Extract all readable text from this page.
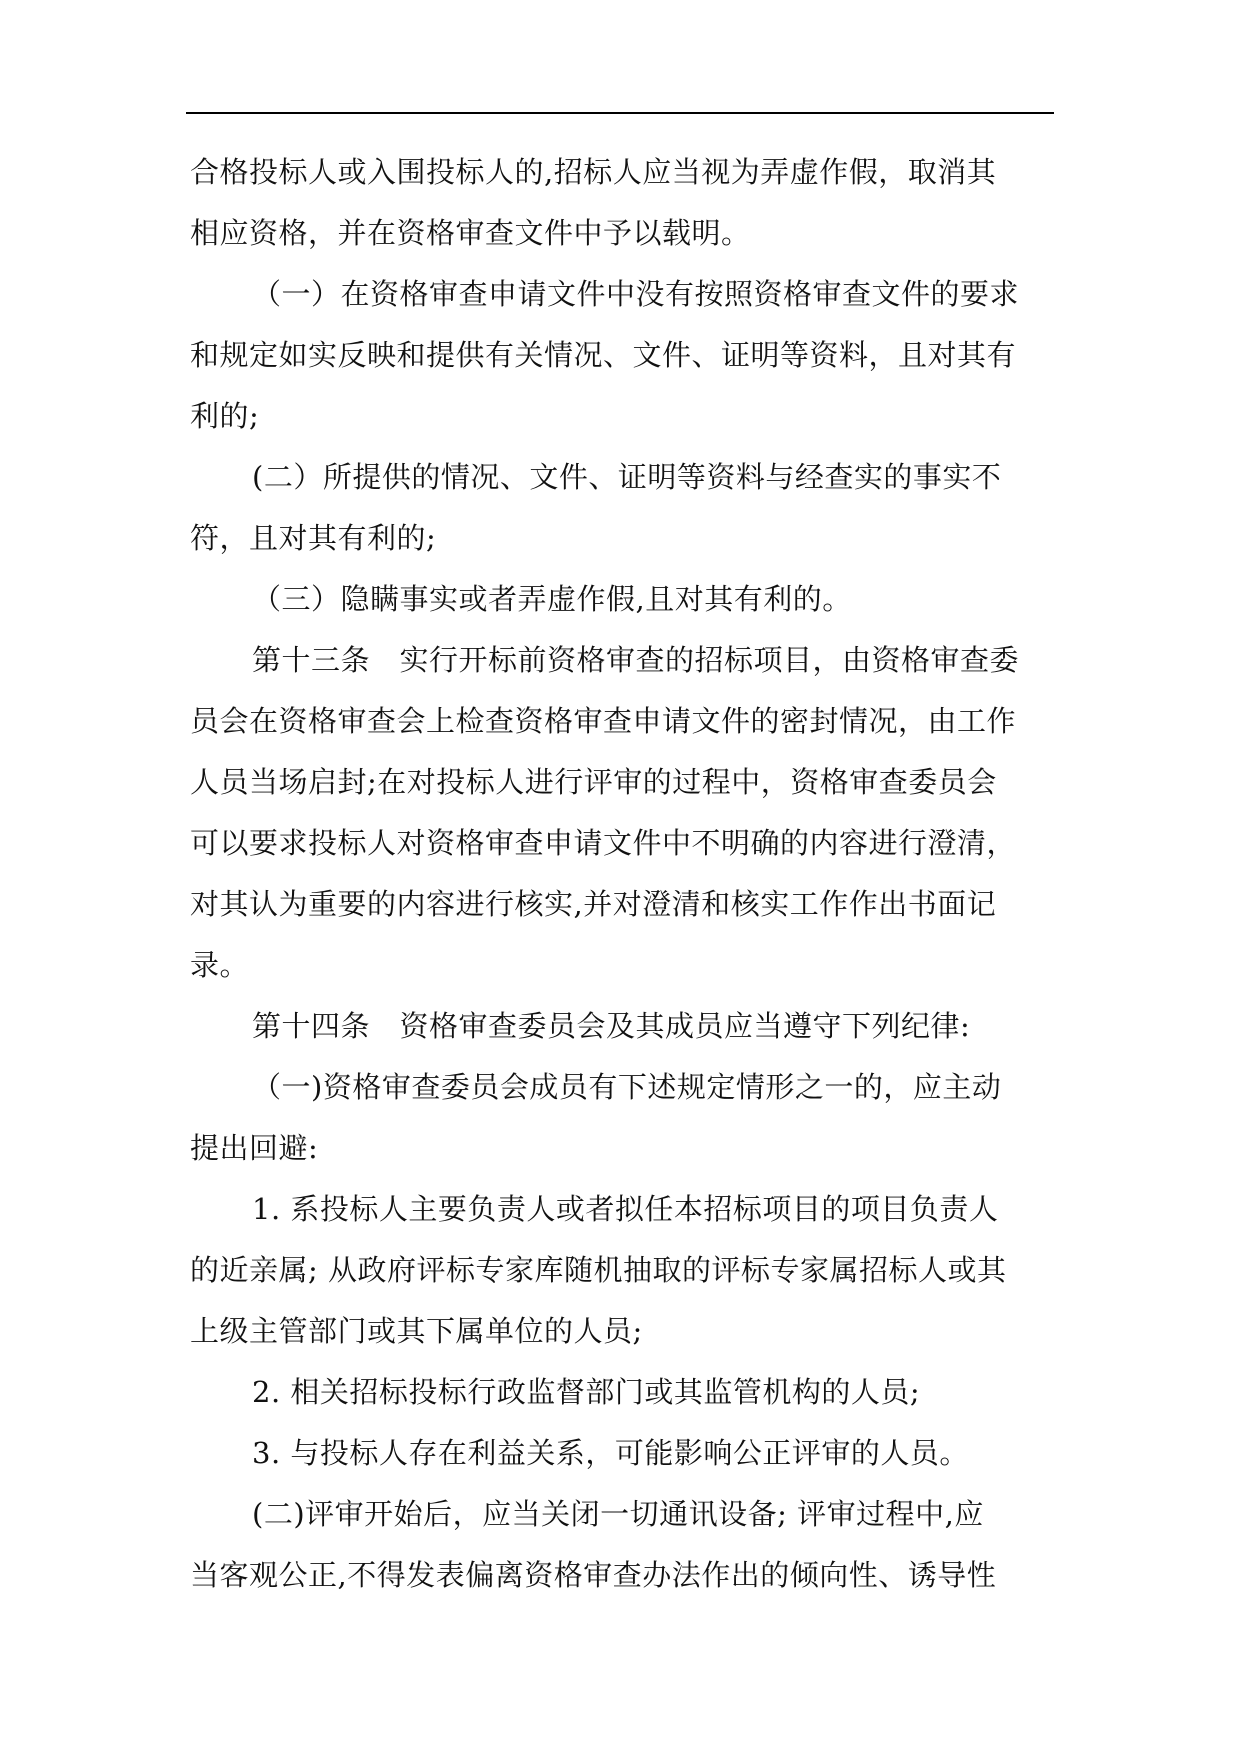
合格投标人或入围投标人的,招标人应当视为弄虚作假，取消其
相应资格，并在资格审查文件中予以载明。

（一）在资格审查申请文件中没有按照资格审查文件的要求
和规定如实反映和提供有关情况、文件、证明等资料，且对其有
利的;

(二）所提供的情况、文件、证明等资料与经查实的事实不
符，且对其有利的;

（三）隐瞒事实或者弄虚作假,且对其有利的。

第十三条　实行开标前资格审查的招标项目，由资格审查委
员会在资格审查会上检查资格审查申请文件的密封情况，由工作
人员当场启封;在对投标人进行评审的过程中，资格审查委员会
可以要求投标人对资格审查申请文件中不明确的内容进行澄清，
对其认为重要的内容进行核实,并对澄清和核实工作作出书面记
录。

第十四条　资格审查委员会及其成员应当遵守下列纪律:

（一)资格审查委员会成员有下述规定情形之一的，应主动
提出回避:

1. 系投标人主要负责人或者拟任本招标项目的项目负责人
的近亲属; 从政府评标专家库随机抽取的评标专家属招标人或其
上级主管部门或其下属单位的人员;

2. 相关招标投标行政监督部门或其监管机构的人员;

3. 与投标人存在利益关系，可能影响公正评审的人员。

(二)评审开始后，应当关闭一切通讯设备; 评审过程中,应
当客观公正,不得发表偏离资格审查办法作出的倾向性、诱导性
